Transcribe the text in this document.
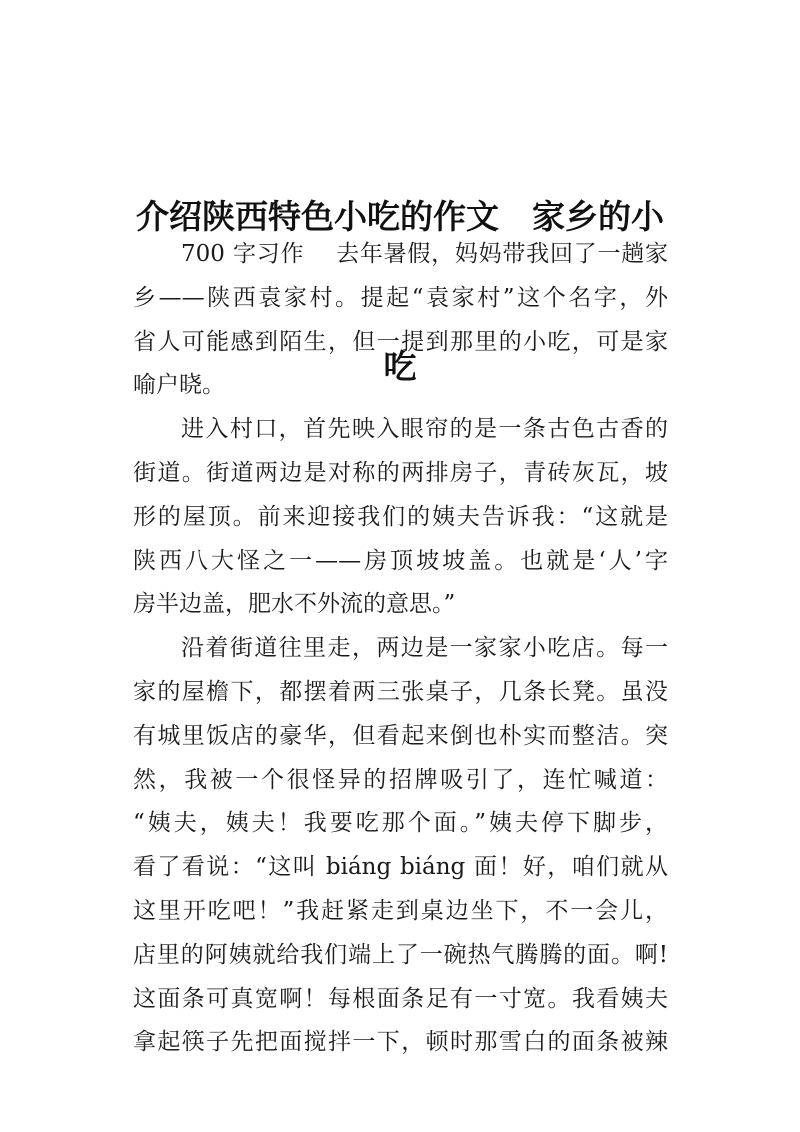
介绍陕西特色小吃的作文　家乡的小

吃

700 字习作　 去年暑假，妈妈带我回了一趟家
乡——陕西袁家村。提起“袁家村”这个名字，外
省人可能感到陌生，但一提到那里的小吃，可是家
喻户晓。
进入村口，首先映入眼帘的是一条古色古香的
街道。街道两边是对称的两排房子，青砖灰瓦，坡
形的屋顶。前来迎接我们的姨夫告诉我：“这就是
陕西八大怪之一——房顶坡坡盖。也就是‘人’字
房半边盖，肥水不外流的意思。”
沿着街道往里走，两边是一家家小吃店。每一
家的屋檐下，都摆着两三张桌子，几条长凳。虽没
有城里饭店的豪华，但看起来倒也朴实而整洁。突
然，我被一个很怪异的招牌吸引了，连忙喊道：
“姨夫，姨夫！我要吃那个面。”姨夫停下脚步，
看了看说：“这叫 biáng biáng 面！好，咱们就从
这里开吃吧！”我赶紧走到桌边坐下，不一会儿，
店里的阿姨就给我们端上了一碗热气腾腾的面。啊!
这面条可真宽啊！每根面条足有一寸宽。我看姨夫
拿起筷子先把面搅拌一下，顿时那雪白的面条被辣
